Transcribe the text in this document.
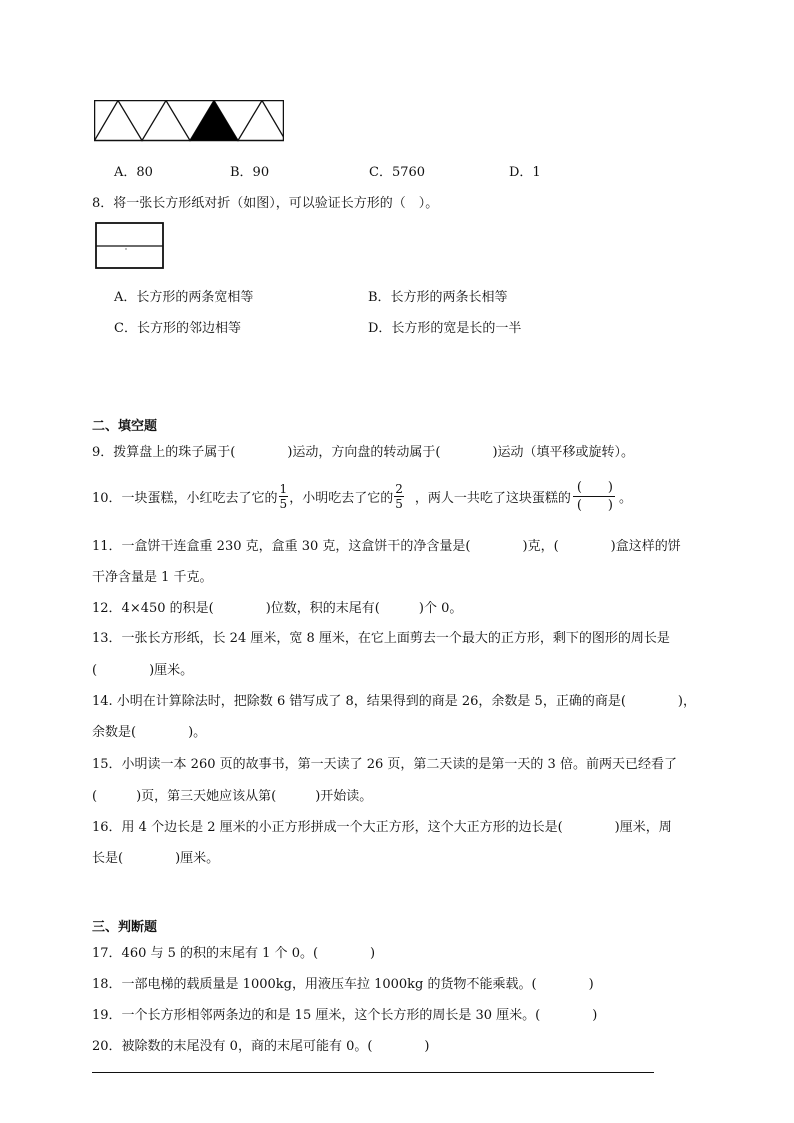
A．80	B．90	C．5760	D．1
8．将一张长方形纸对折（如图），可以验证长方形的（　）。
A．长方形的两条宽相等	B．长方形的两条长相等
C．长方形的邻边相等	D．长方形的宽是长的一半
二、填空题
9．拨算盘上的珠子属于(　　　　)运动，方向盘的转动属于(　　　　)运动（填平移或旋转）。
10．一块蛋糕，小红吃去了它的 $\frac{1}{5}$ ，小明吃去了它的 $\frac{2}{5}$ ，两人一共吃了这块蛋糕的 $\frac{( )}{( )}$ 。
11．一盒饼干连盒重 230 克，盒重 30 克，这盒饼干的净含量是(　　　　)克，(　　　　)盒这样的饼
干净含量是 1 千克。
12．4×450 的积是(　　　　)位数，积的末尾有(　　　)个 0。
13．一张长方形纸，长 24 厘米，宽 8 厘米，在它上面剪去一个最大的正方形，剩下的图形的周长是
(　　　　)厘米。
14. 小明在计算除法时，把除数 6 错写成了 8，结果得到的商是 26，余数是 5，正确的商是(　　　　)，
余数是(　　　　)。
15．小明读一本 260 页的故事书，第一天读了 26 页，第二天读的是第一天的 3 倍。前两天已经看了
(　　　)页，第三天她应该从第(　　　)开始读。
16．用 4 个边长是 2 厘米的小正方形拼成一个大正方形，这个大正方形的边长是(　　　　)厘米，周
长是(　　　　)厘米。
三、判断题
17．460 与 5 的积的末尾有 1 个 0。(　　　　)
18．一部电梯的载质量是 1000kg，用液压车拉 1000kg 的货物不能乘载。(　　　　)
19．一个长方形相邻两条边的和是 15 厘米，这个长方形的周长是 30 厘米。(　　　　)
20．被除数的末尾没有 0，商的末尾可能有 0。(　　　　)
